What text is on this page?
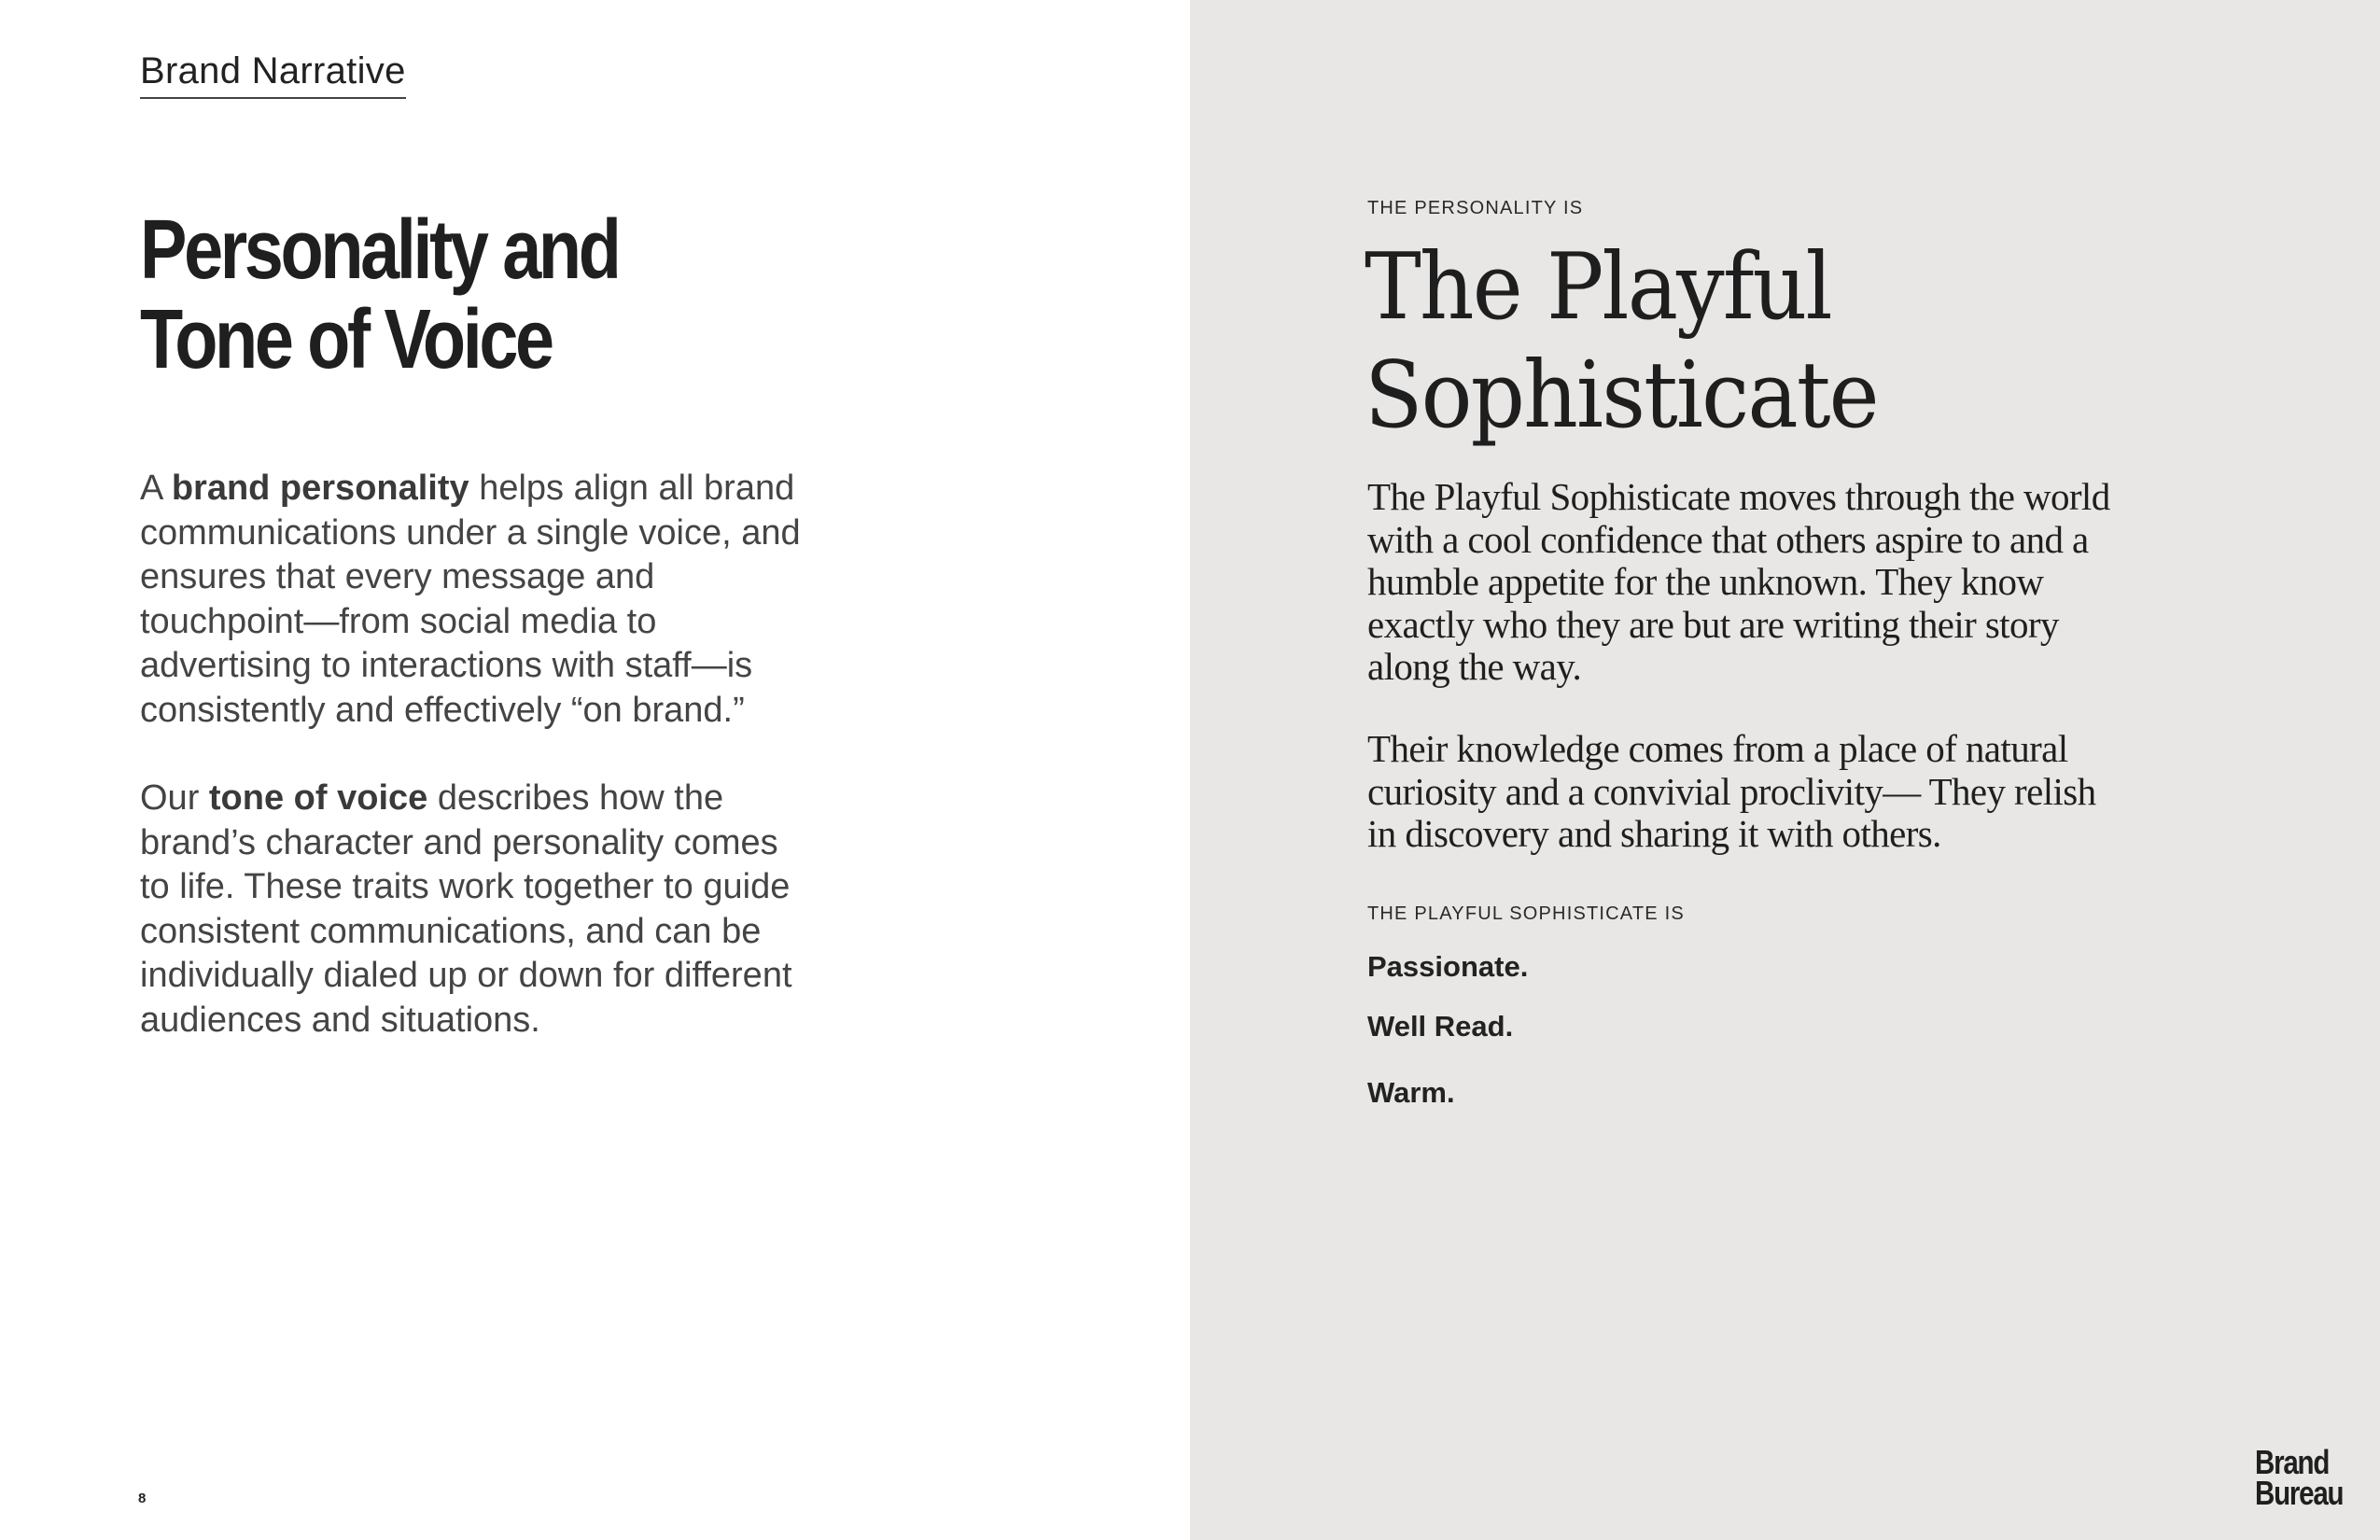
Brand Narrative
Personality and
Tone of Voice

A brand personality helps align all brand communications under a single voice, and ensures that every message and touchpoint—from social media to advertising to interactions with staff—is consistently and effectively “on brand.”

Our tone of voice describes how the brand’s character and personality comes to life. These traits work together to guide consistent communications, and can be individually dialed up or down for different audiences and situations.

8
THE PERSONALITY IS
The Playful
Sophisticate

The Playful Sophisticate moves through the world with a cool confidence that others aspire to and a humble appetite for the unknown. They know exactly who they are but are writing their story along the way.

Their knowledge comes from a place of natural curiosity and a convivial proclivity— They relish in discovery and sharing it with others.

THE PLAYFUL SOPHISTICATE IS
Passionate.
Well Read.
Warm.
Brand
Bureau
